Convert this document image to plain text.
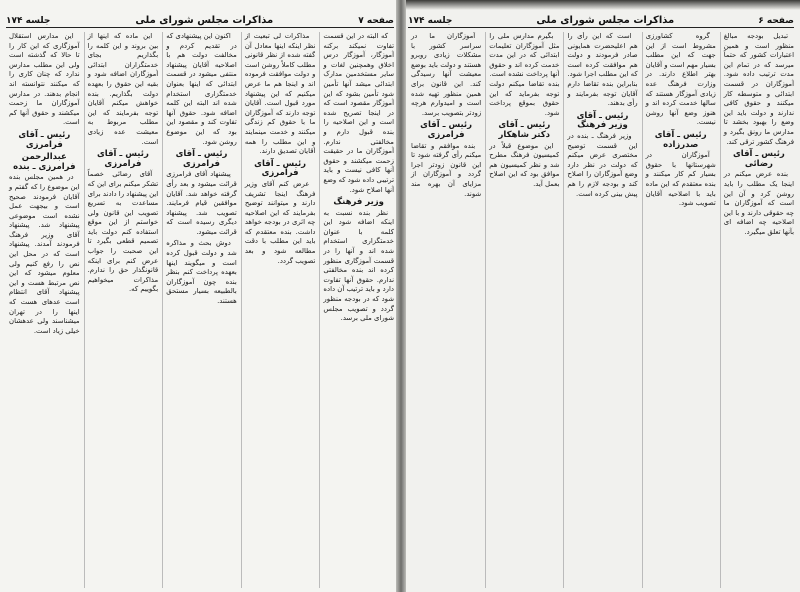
صفحه ۷
مذاکرات مجلس شورای ملی
جلسه ۱۷۴

که البته در این قسمت تفاوت نمیکند برکنه آموزگار، آموزگار درس اخلاق وهمچنین لغات و سایر مستخدمین مدارک ابتدائی میشد آنها تأمین شود تأمین بشود که این آموزگار مقصود است که در اینجا تصریح شده است و این اصلاحیه را بنده قبول دارم و مخالفتی ندارم. آموزگاران ما در حقیقت زحمت میکشند و حقوق آنها کافی نیست و باید ترتیبی داده شود که وضع آنها اصلاح شود.

وزیر فرهنگ

نظر بنده نسبت به اینکه اضافه شود این کلمه با عنوان خدمتگزاری استخدام شده اند و آنها را در قسمت آموزگاری منظور کرده اند بنده مخالفتی ندارم. حقوق آنها تفاوت دارد و باید ترتیب آن داده شود که در بودجه منظور گردد و تصویب مجلس شورای ملی برسد.

مذاکرات لی تبعیت از نظر اینکه اینها معادل آن گفته شده از نظر قانونی مطلب کاملاً روشن است و دولت موافقت فرموده اند و اینجا هم ما عرض میکنیم که این پیشنهاد مورد قبول است. آقایان توجه دارند که آموزگاران ما با حقوق کم زندگی میکنند و خدمت مینمایند و این مطلب را همه آقایان تصدیق دارند.

رئیس ـ آقای فرامرزی

عرض کنم آقای وزیر فرهنگ اینجا تشریف دارند و میتوانند توضیح بفرمایند که این اصلاحیه چه اثری در بودجه خواهد داشت. بنده معتقدم که باید این مطلب با دقت مطالعه شود و بعد تصویب گردد.

اکنون این پیشنهادی که در تقدیم کردم و مخالفت دولت هم با اصلاحیه آقایان پیشنهاد منتفی میشود در قسمت ابتدائی که اینها بعنوان خدمتگزاری استخدام شده اند البته این کلمه اضافه شود. حقوق آنها تفاوت کند و مقصود این بود که این موضوع روشن شود.

رئیس ـ آقای فرامرزی

پیشنهاد آقای فرامرزی قرائت میشود و بعد رأی گرفته خواهد شد. آقایان موافقین قیام فرمایند. تصویب شد. پیشنهاد دیگری رسیده است که قرائت میشود.

دوش بحث و مذاکره شد و دولت قبول کرده است و میگویند اینها بعهده پرداخت کنم بنظر بنده چون آموزگاران بالطبیعه بسیار مستحق هستند.

این ماده که اینها از بین بروند و این کلمه را بگذاریم بجای خدمتگزاران ابتدائی آموزگاران اضافه شود و بقیه این حقوق را بعهده دولت بگذاریم. بنده خواهش میکنم آقایان توجه بفرمایند که این مطلب مربوط به معیشت عده زیادی است.

رئیس ـ آقای فرامرزی

آقای رضائی خصماً تشکر میکنم برای این که این پیشنهاد را دادند برای مساعدت به تسریع تصویب این قانون ولی خواستم از این موقع استفاده کنم دولت باید تصمیم قطعی بگیرد تا این صحبت را جواب عرض کنم برای اینکه قانونگذار حق را ندارم. مذاکرات میخواهیم بگوییم که.

این مدارس استقلال آموزگاری که این کار را تا حالا که گذشته است ولی این مطلب مدارس ندارد که چنان کاری را که میکنند نتوانسته اند انجام بدهند. در مدارس آموزگاران ما زحمت میکشند و حقوق آنها کم است.

رئیس ـ آقای فرامرزی

عبدالرحمن فرامرزی ـ بنده

در همین مجلس بنده این موضوع را که گفتم و آقایان فرمودند صحیح است و بیجهت عمل نشده است موضوعی پیشنهاد شد. پیشنهاد آقای وزیر فرهنگ فرمودند آمدند. پیشنهاد است که در محل این نص را رفع کنیم ولی معلوم میشود که این نص مرتبط هست و این پیشنهاد آقای انتظام است عدهای هست که اینها را در تهران میشناسند ولی عدهشان خیلی زیاد است.

صفحه ۶
مذاکرات مجلس شورای ملی
جلسه ۱۷۴

تبدیل بودجه مبالغ منظور است و همین اعتبارات کشور که حتماً میرسد که در تمام این مدت ترتیب داده شود. آموزگاران در قسمت ابتدائی و متوسطه کار میکنند و حقوق کافی ندارند و دولت باید این وضع را بهبود بخشد تا مدارس ما رونق بگیرد و فرهنگ کشور ترقی کند.

رئیس ـ آقای رضائی

بنده عرض میکنم در اینجا یک مطلب را باید روشن کرد و آن این است که آموزگاران ما چه حقوقی دارند و با این اصلاحیه چه اضافه ای بآنها تعلق میگیرد.

گروه کشاورزی مشروط است از این جهت که این مطلب بسیار مهم است و آقایان بهتر اطلاع دارند. در وزارت فرهنگ عده زیادی آموزگار هستند که سالها خدمت کرده اند و هنوز وضع آنها روشن نیست.

رئیس ـ آقای صدرزاده

آموزگاران در شهرستانها با حقوق بسیار کم کار میکنند و بنده معتقدم که این ماده باید با اصلاحیه آقایان تصویب شود.

است که این رأی را هم اعلیحضرت همایونی صادر فرمودند و دولت هم موافقت کرده است که این مطلب اجرا شود. بنابراین بنده تقاضا دارم آقایان توجه بفرمایند و رأی بدهند.

رئیس ـ آقای وزیر فرهنگ

وزیر فرهنگ ـ بنده در این قسمت توضیح مختصری عرض میکنم که دولت در نظر دارد وضع آموزگاران را اصلاح کند و بودجه لازم را هم پیش بینی کرده است.

بگیرم مدارس ملی را مثل آموزگاران تعلیمات ابتدائی که در این مدت خدمت کرده اند و حقوق آنها پرداخت نشده است. بنده تقاضا میکنم دولت توجه بفرماید که این حقوق بموقع پرداخت شود.

رئیس ـ آقای دکتر شاهکار

این موضوع قبلاً در کمیسیون فرهنگ مطرح شد و نظر کمیسیون هم موافق بود که این اصلاح بعمل آید.

آموزگاران ما در سراسر کشور با مشکلات زیادی روبرو هستند و دولت باید بوضع معیشت آنها رسیدگی کند. این قانون برای همین منظور تهیه شده است و امیدوارم هرچه زودتر بتصویب برسد.

رئیس ـ آقای فرامرزی

بنده موافقم و تقاضا میکنم رأی گرفته شود تا این قانون زودتر اجرا گردد و آموزگاران از مزایای آن بهره مند شوند.
